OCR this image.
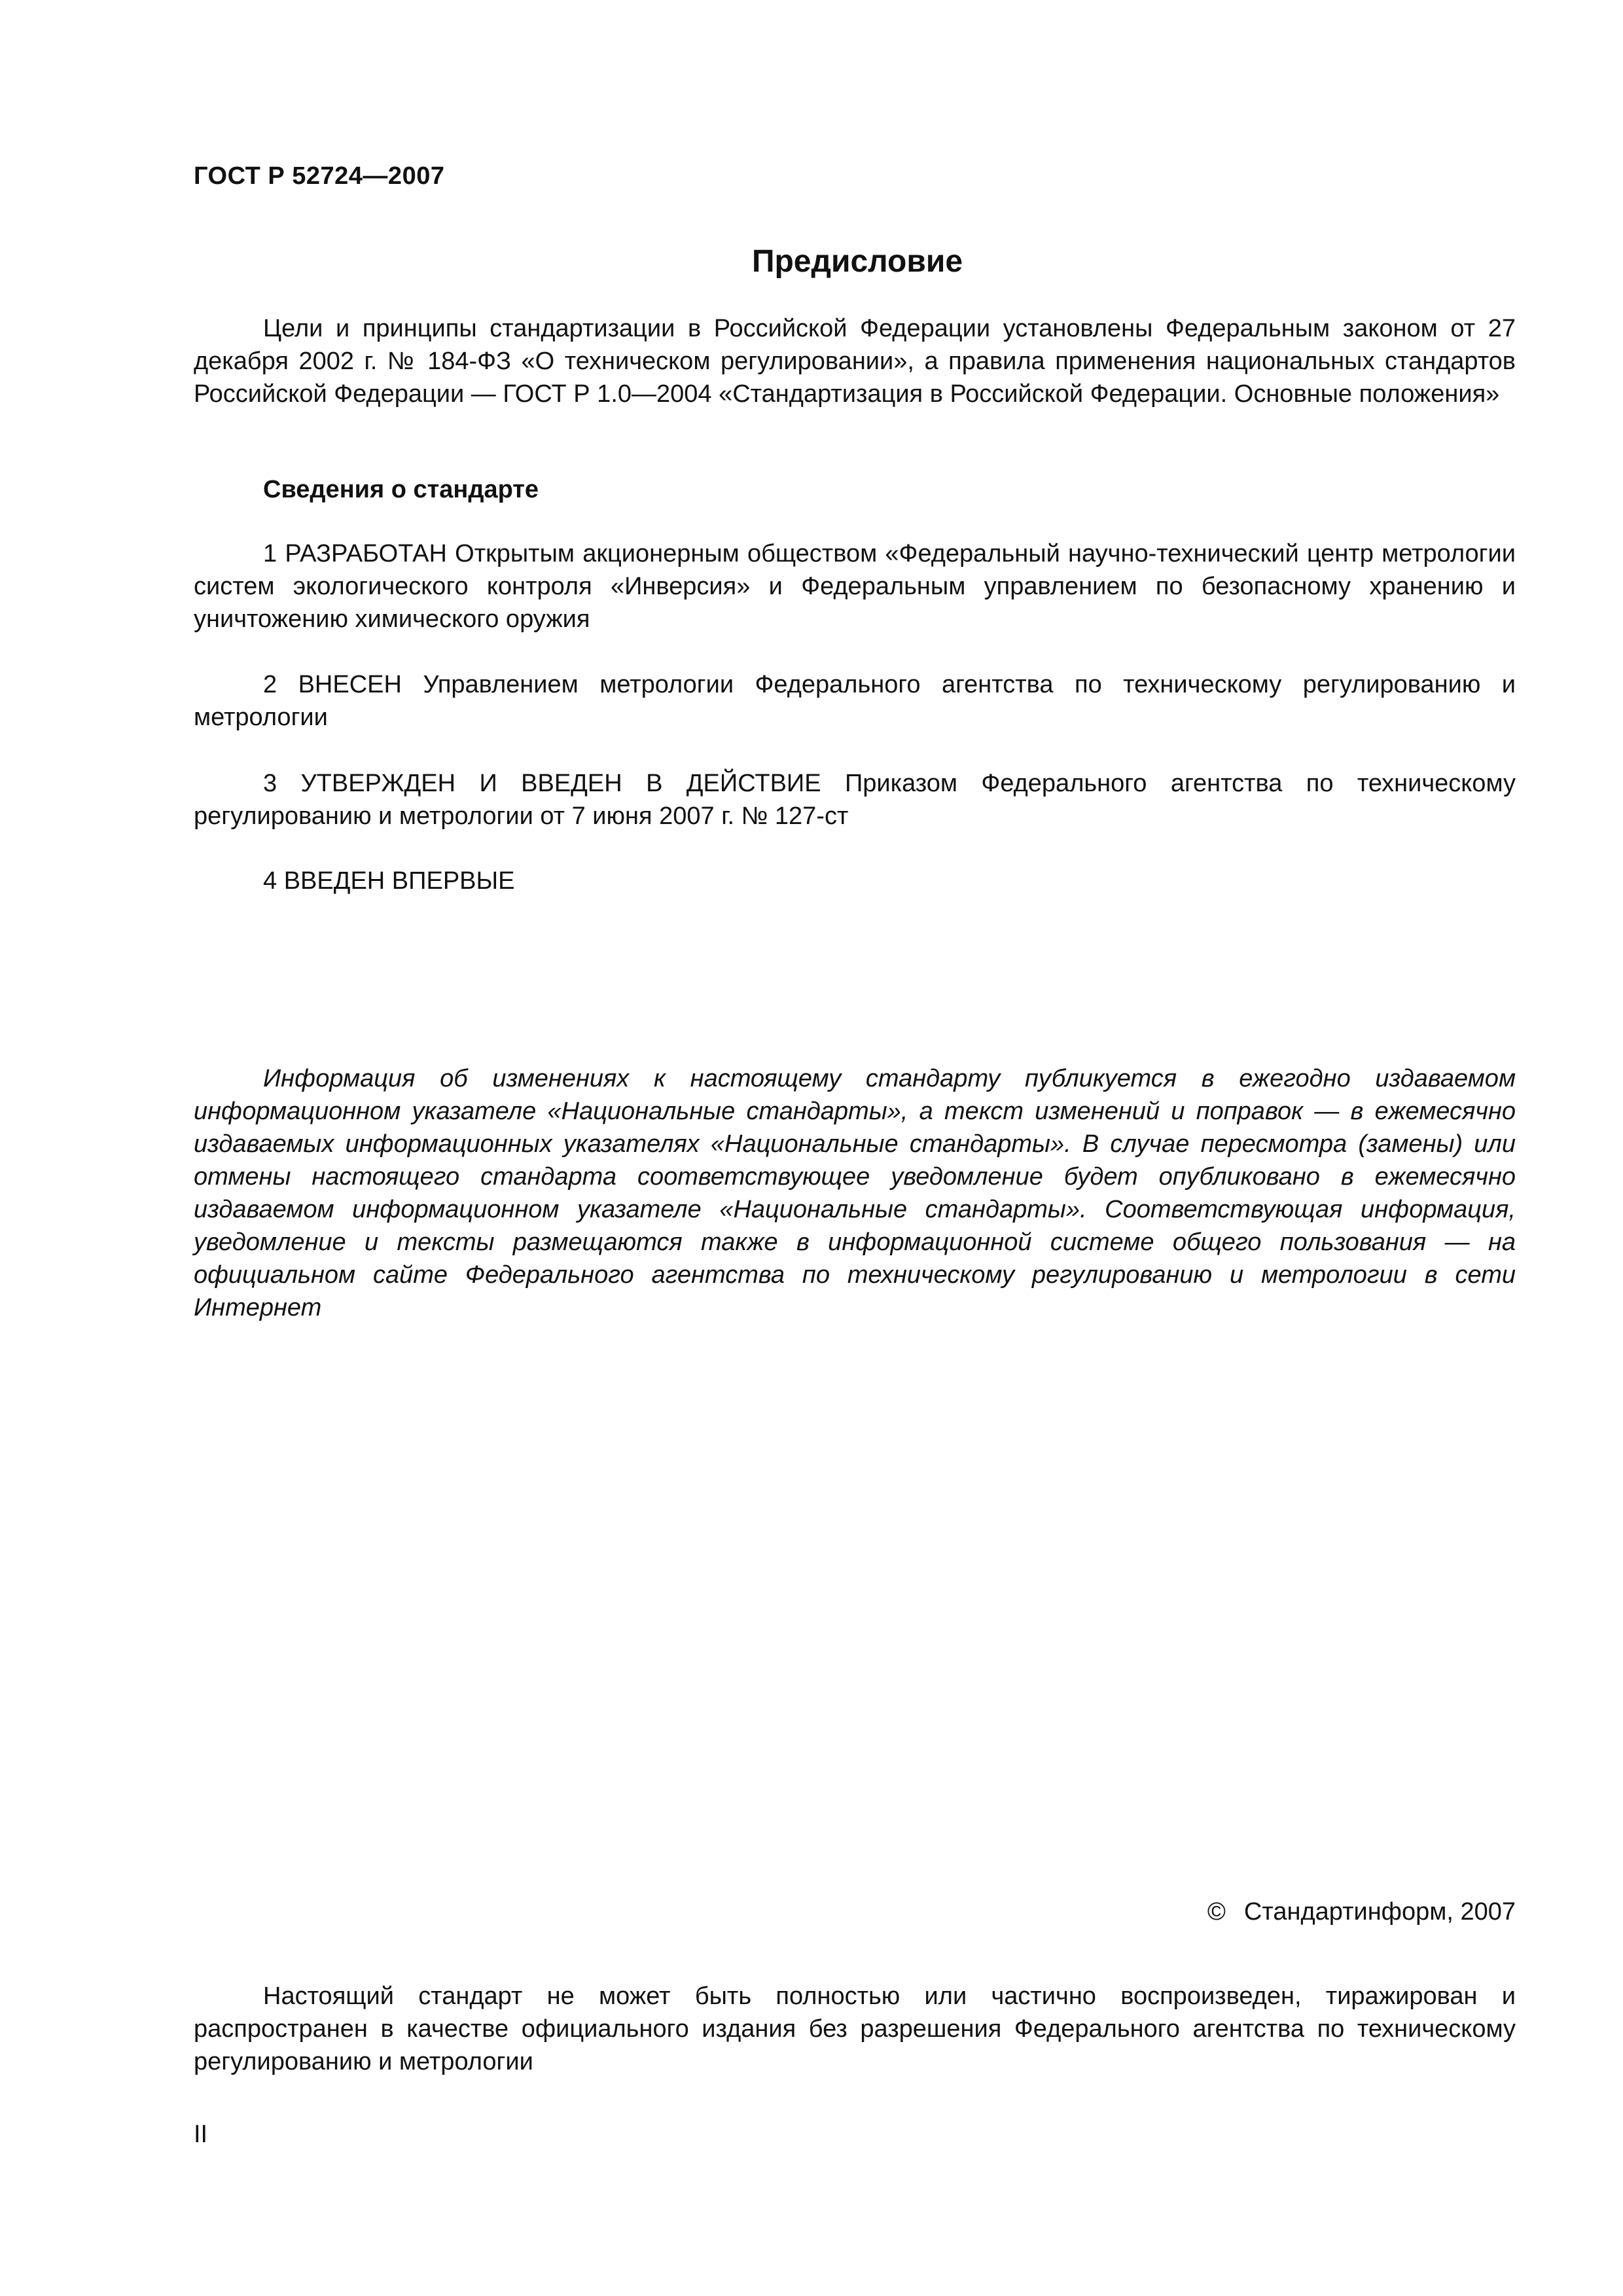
ГОСТ Р 52724—2007
Предисловие

Цели и принципы стандартизации в Российской Федерации установлены Федеральным законом от 27 декабря 2002 г. № 184-ФЗ «О техническом регулировании», а правила применения национальных стандартов Российской Федерации — ГОСТ Р 1.0—2004 «Стандартизация в Российской Федерации. Основные положения»

Сведения о стандарте

1 РАЗРАБОТАН Открытым акционерным обществом «Федеральный научно-технический центр метрологии систем экологического контроля «Инверсия» и Федеральным управлением по безопасному хранению и уничтожению химического оружия

2 ВНЕСЕН Управлением метрологии Федерального агентства по техническому регулированию и метрологии

3 УТВЕРЖДЕН И ВВЕДЕН В ДЕЙСТВИЕ Приказом Федерального агентства по техническому регулированию и метрологии от 7 июня 2007 г. № 127-ст

4 ВВЕДЕН ВПЕРВЫЕ

Информация об изменениях к настоящему стандарту публикуется в ежегодно издаваемом информационном указателе «Национальные стандарты», а текст изменений и поправок — в ежемесячно издаваемых информационных указателях «Национальные стандарты». В случае пересмотра (замены) или отмены настоящего стандарта соответствующее уведомление будет опубликовано в ежемесячно издаваемом информационном указателе «Национальные стандарты». Соответствующая информация, уведомление и тексты размещаются также в информационной системе общего пользования — на официальном сайте Федерального агентства по техническому регулированию и метрологии в сети Интернет

© Стандартинформ, 2007

Настоящий стандарт не может быть полностью или частично воспроизведен, тиражирован и распространен в качестве официального издания без разрешения Федерального агентства по техническому регулированию и метрологии

II
